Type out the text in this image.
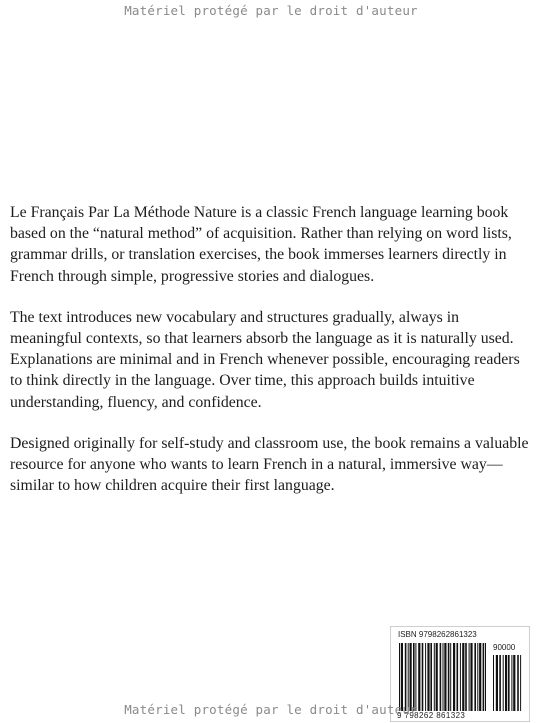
Matériel protégé par le droit d'auteur

Le Français Par La Méthode Nature is a classic French language learning book based on the “natural method” of acquisition. Rather than relying on word lists, grammar drills, or translation exercises, the book immerses learners directly in French through simple, progressive stories and dialogues.

The text introduces new vocabulary and structures gradually, always in meaningful contexts, so that learners absorb the language as it is naturally used. Explanations are minimal and in French whenever possible, encouraging readers to think directly in the language. Over time, this approach builds intuitive understanding, fluency, and confidence.

Designed originally for self-study and classroom use, the book remains a valuable resource for anyone who wants to learn French in a natural, immersive way—similar to how children acquire their first language.

ISBN 9798262861323
90000
9 798262 861323
Matériel protégé par le droit d'auteur
